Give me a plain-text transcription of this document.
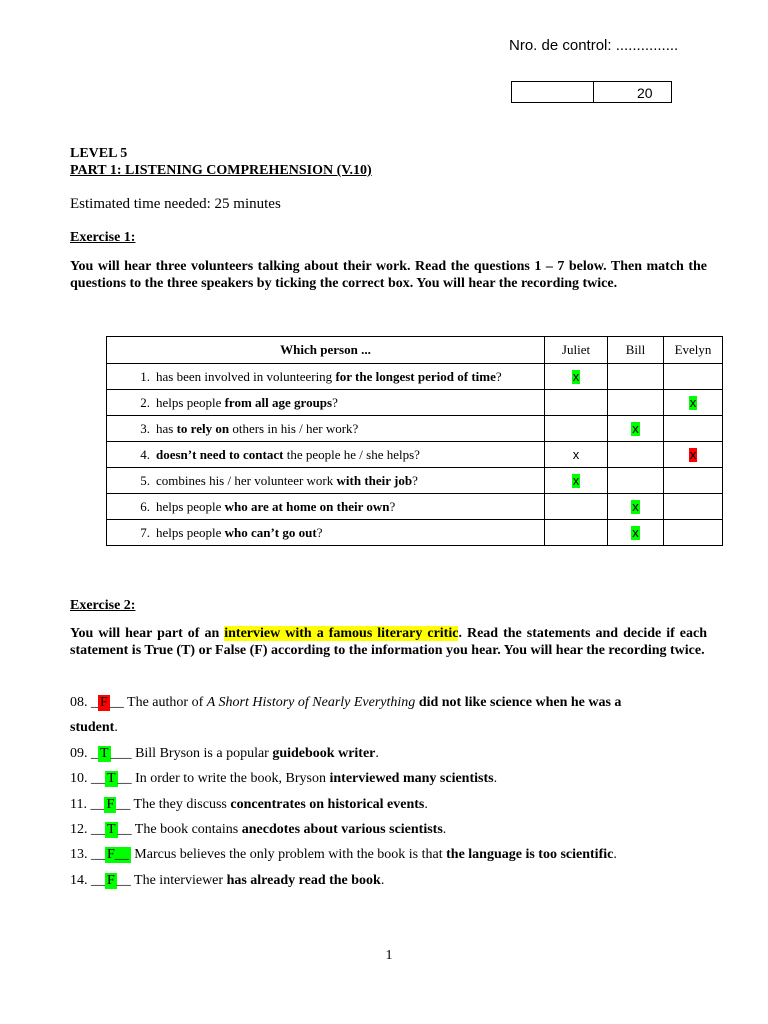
Nro. de control: ...............
20
LEVEL 5
PART 1: LISTENING COMPREHENSION (V.10)
Estimated time needed: 25 minutes
Exercise 1:
You will hear three volunteers talking about their work. Read the questions 1 – 7 below. Then match the questions to the three speakers by ticking the correct box. You will hear the recording twice.
Which person ...	Juliet	Bill	Evelyn
1. has been involved in volunteering for the longest period of time?	x		
2. helps people from all age groups?			x
3. has to rely on others in his / her work?		x	
4. doesn’t need to contact the people he / she helps?	x		x
5. combines his / her volunteer work with their job?	x		
6. helps people who are at home on their own?		x	
7. helps people who can’t go out?		x	
Exercise 2:
You will hear part of an interview with a famous literary critic. Read the statements and decide if each statement is True (T) or False (F) according to the information you hear. You will hear the recording twice.
08. _ F __ The author of A Short History of Nearly Everything did not like science when he was a
09. _ T ___ Bill Bryson is a popular guidebook writer.
10. __ T __ In order to write the book, Bryson interviewed many scientists.
11. __ F __ The they discuss concentrates on historical events.
12. __ T __ The book contains anecdotes about various scientists.
13. __ F__ Marcus believes the only problem with the book is that the language is too scientific.
14. __ F __ The interviewer has already read the book.
student.
1
